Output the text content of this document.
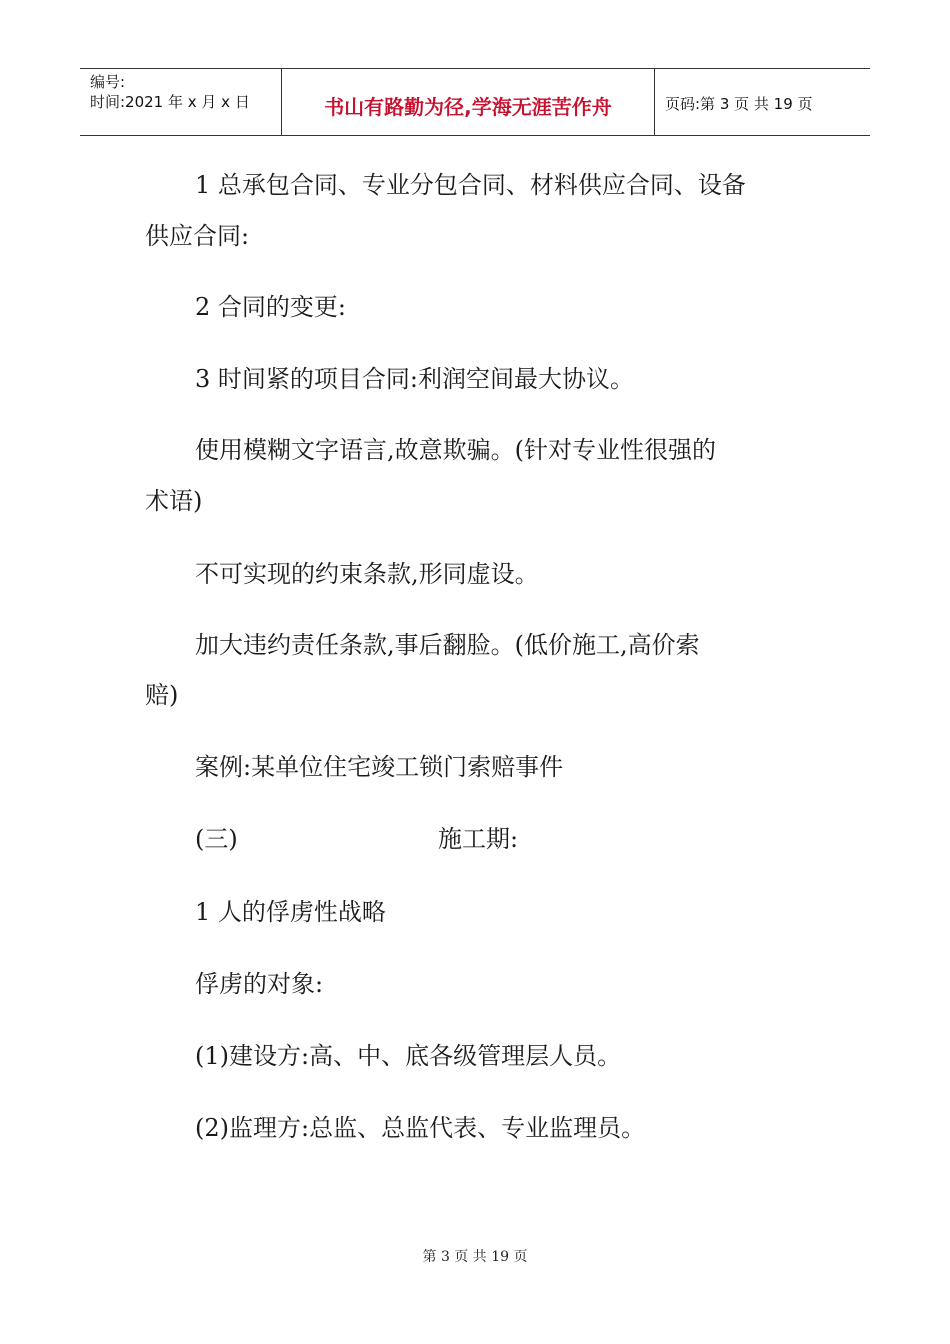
编号:
时间:2021 年 x 月 x 日	书山有路勤为径,学海无涯苦作舟	页码:第 3 页 共 19 页
1 总承包合同、专业分包合同、材料供应合同、设备
供应合同:
2 合同的变更:
3 时间紧的项目合同:利润空间最大协议。
使用模糊文字语言,故意欺骗。(针对专业性很强的
术语)
不可实现的约束条款,形同虚设。
加大违约责任条款,事后翻脸。(低价施工,高价索
赔)
案例:某单位住宅竣工锁门索赔事件
(三)	施工期:
1 人的俘虏性战略
俘虏的对象:
(1)建设方:高、中、底各级管理层人员。
(2)监理方:总监、总监代表、专业监理员。
第 3 页 共 19 页
